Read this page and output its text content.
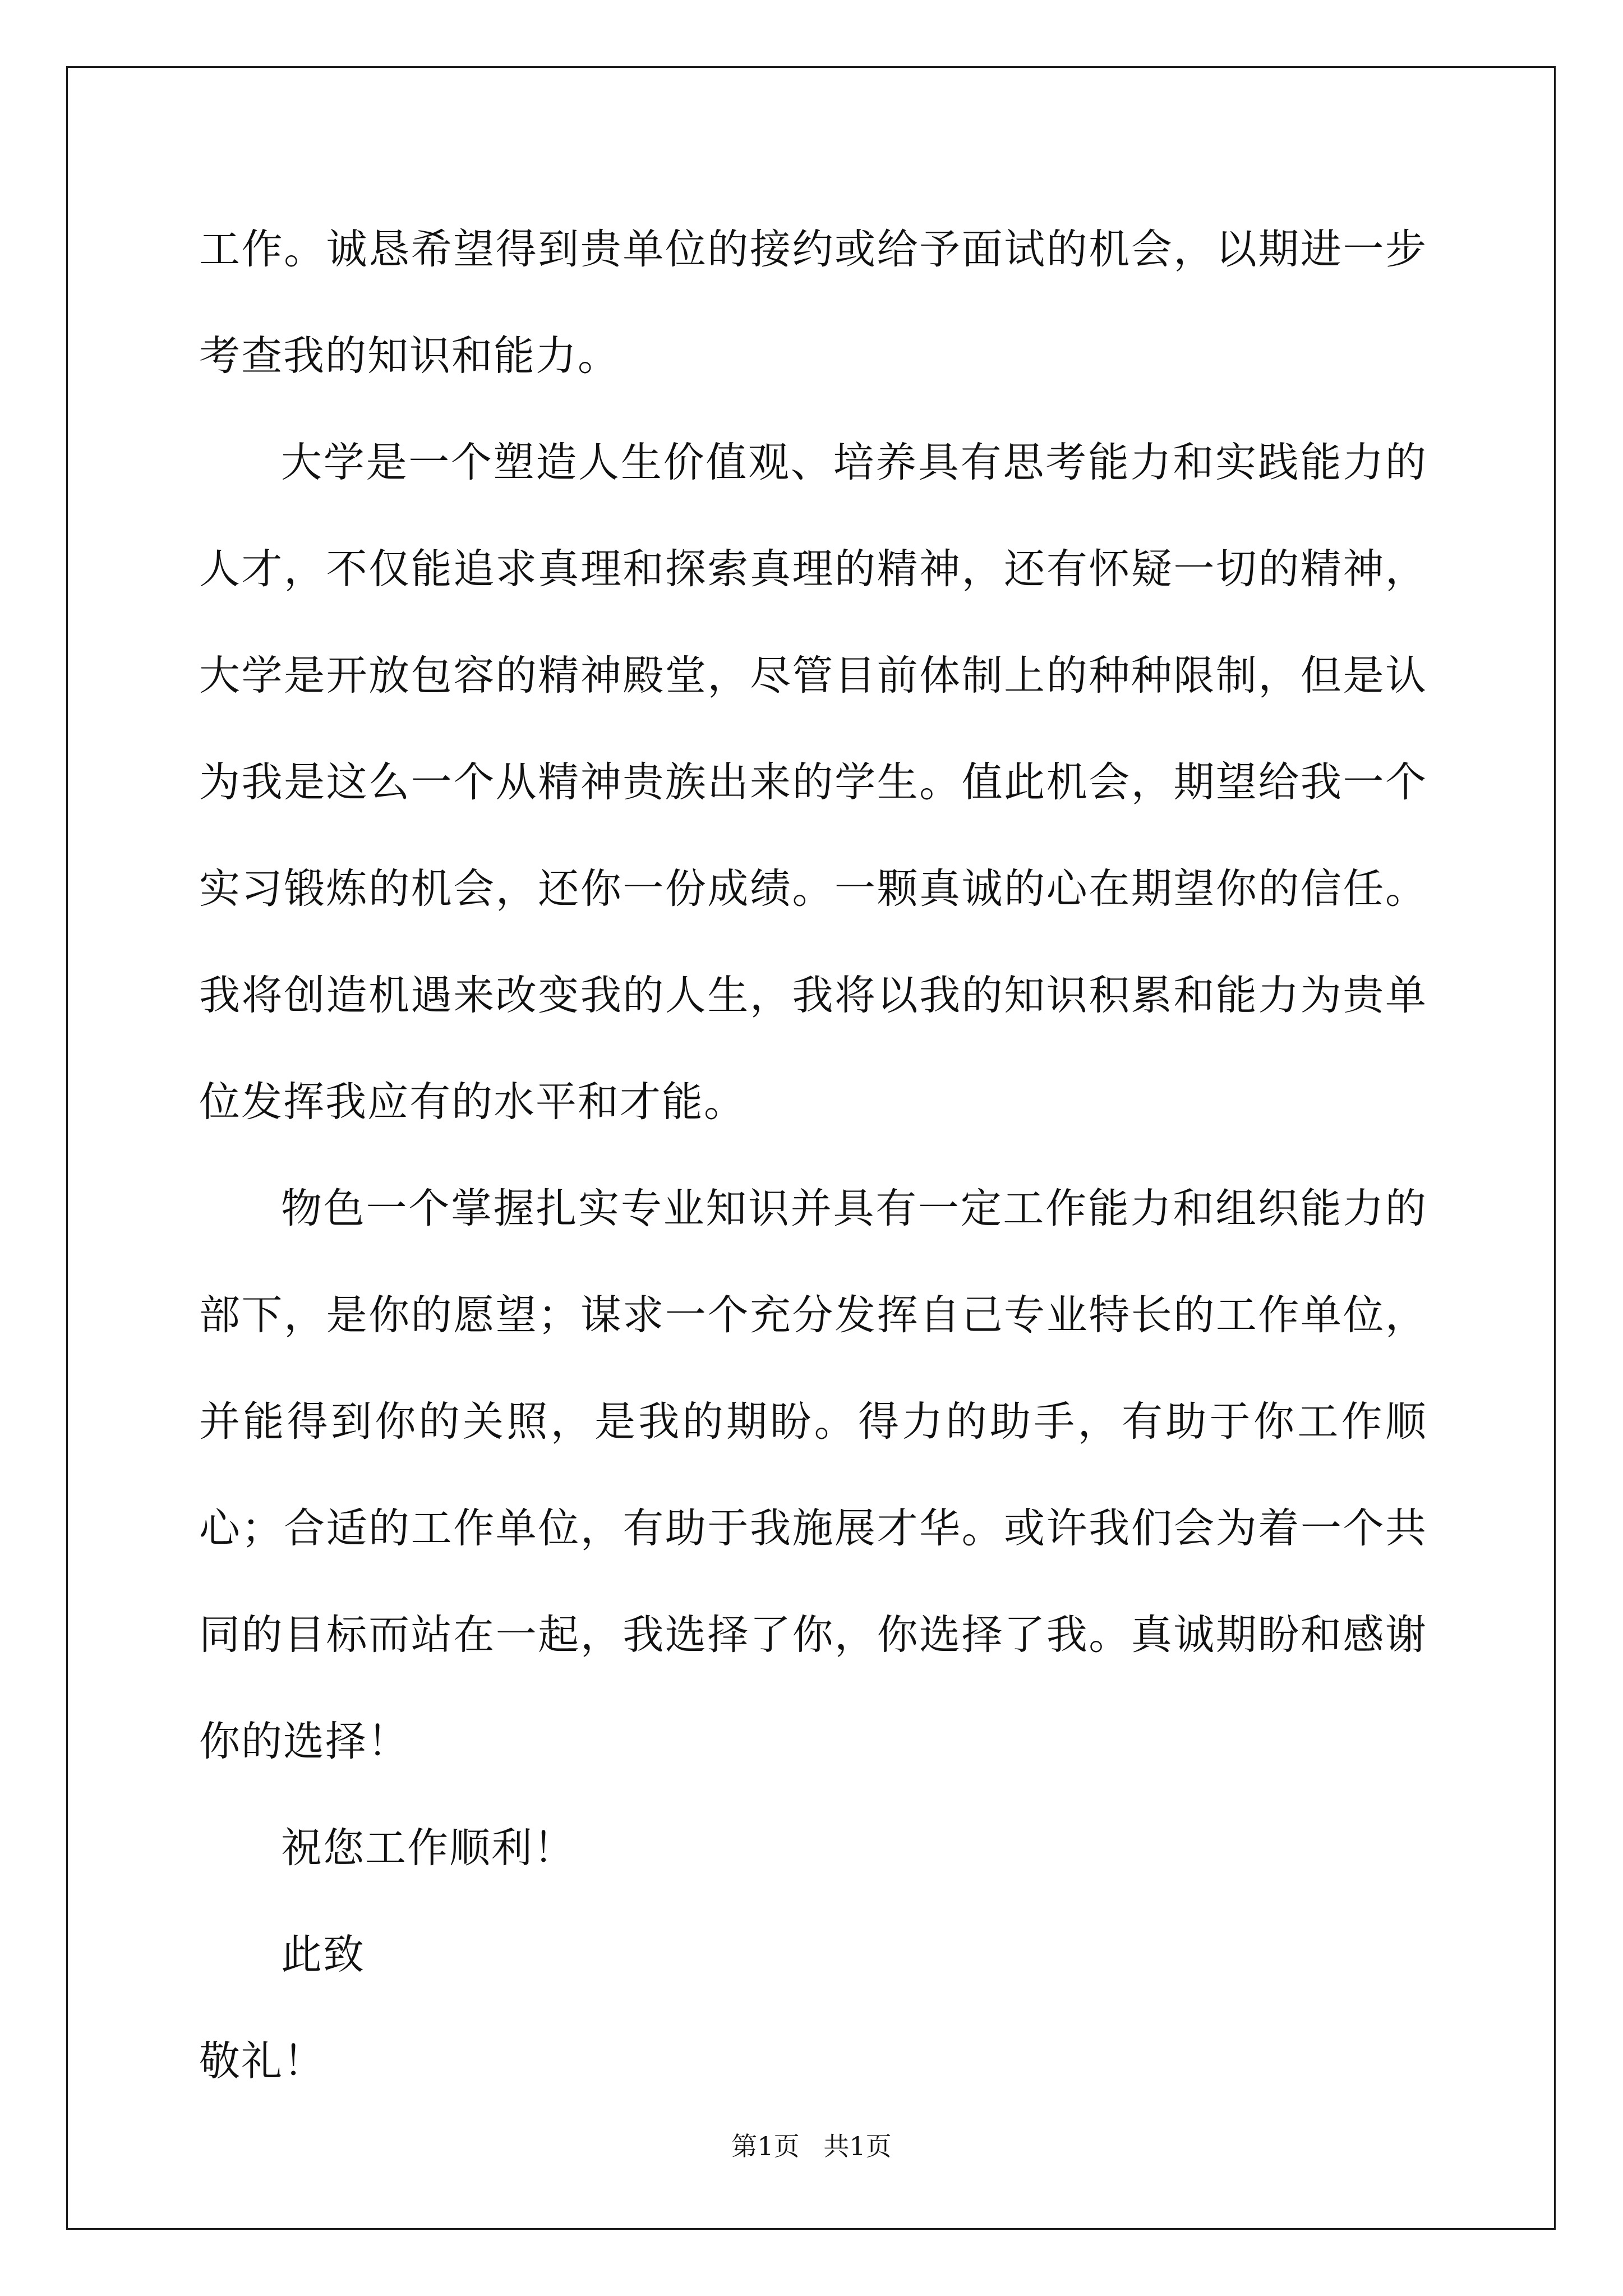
工作。诚恳希望得到贵单位的接约或给予面试的机会，以期进一步考查我的知识和能力。

大学是一个塑造人生价值观、培养具有思考能力和实践能力的人才，不仅能追求真理和探索真理的精神，还有怀疑一切的精神，大学是开放包容的精神殿堂，尽管目前体制上的种种限制，但是认为我是这么一个从精神贵族出来的学生。值此机会，期望给我一个实习锻炼的机会，还你一份成绩。一颗真诚的心在期望你的信任。我将创造机遇来改变我的人生，我将以我的知识积累和能力为贵单位发挥我应有的水平和才能。

物色一个掌握扎实专业知识并具有一定工作能力和组织能力的部下，是你的愿望；谋求一个充分发挥自己专业特长的工作单位，并能得到你的关照，是我的期盼。得力的助手，有助于你工作顺心；合适的工作单位，有助于我施展才华。或许我们会为着一个共同的目标而站在一起，我选择了你，你选择了我。真诚期盼和感谢你的选择！

祝您工作顺利！

此致

敬礼！

第1页 共1页
